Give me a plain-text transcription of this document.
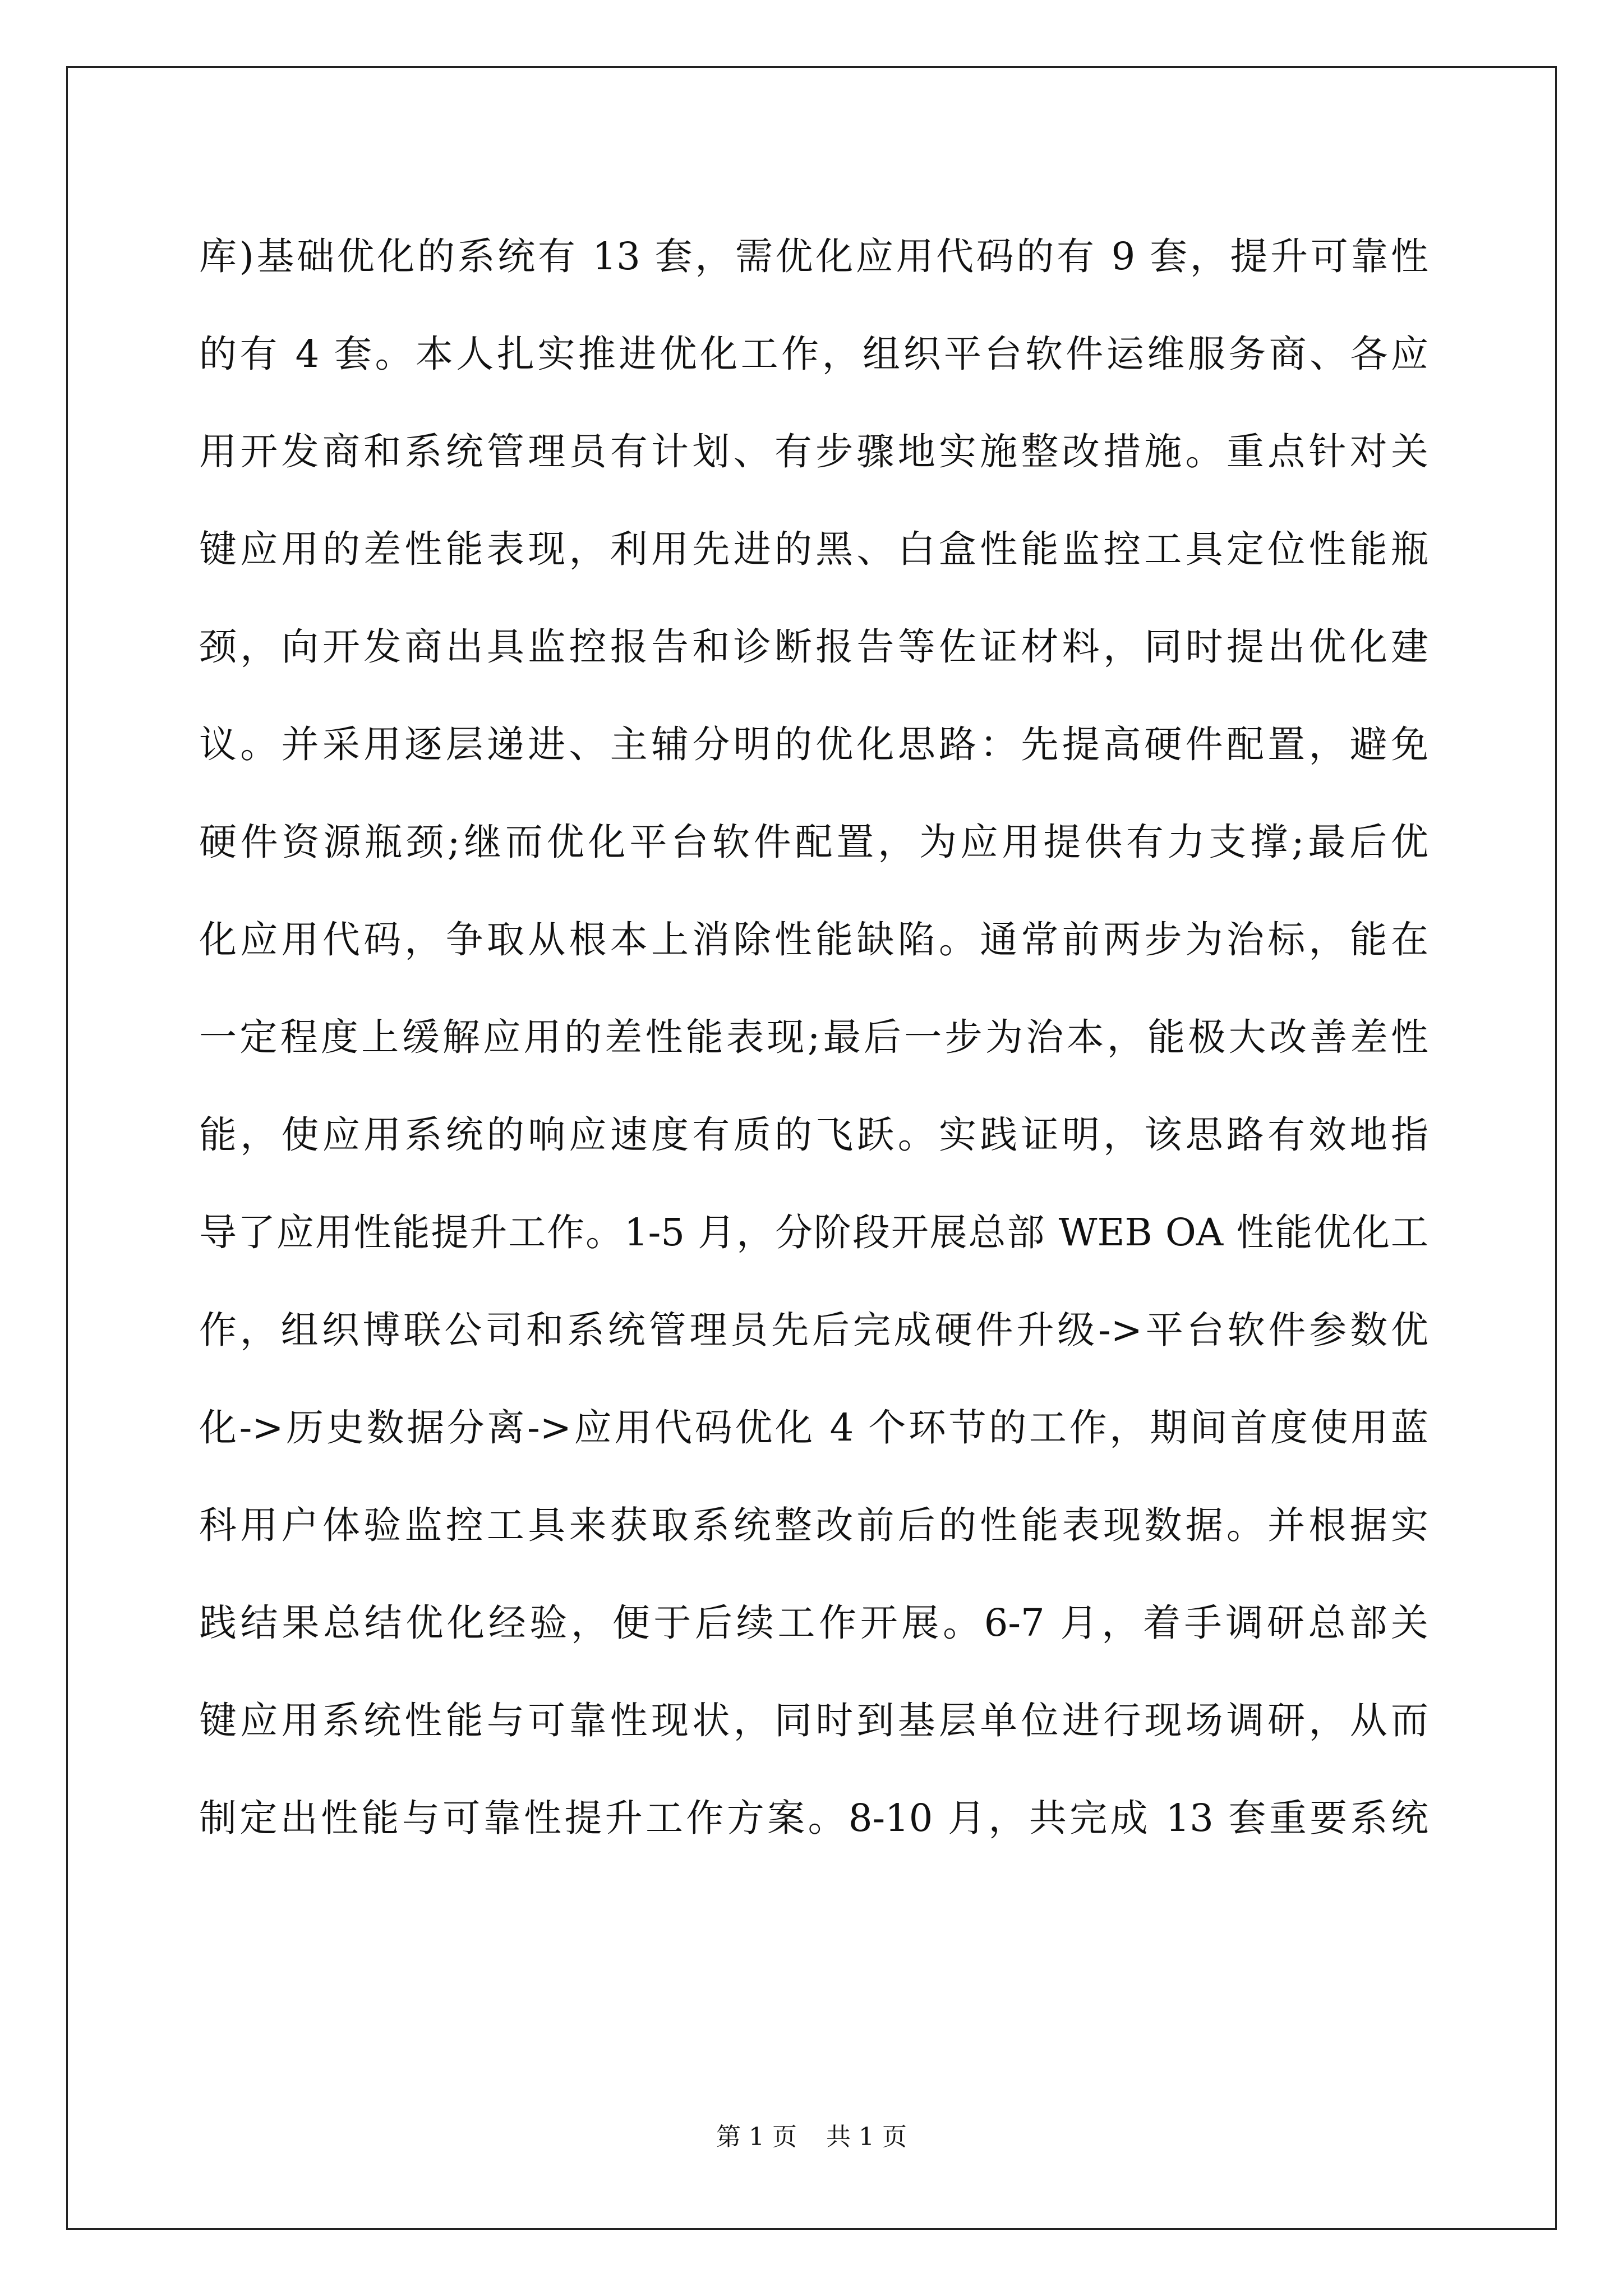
库)基础优化的系统有 13 套，需优化应用代码的有 9 套，提升可靠性
的有 4 套。本人扎实推进优化工作，组织平台软件运维服务商、各应
用开发商和系统管理员有计划、有步骤地实施整改措施。重点针对关
键应用的差性能表现，利用先进的黑、白盒性能监控工具定位性能瓶
颈，向开发商出具监控报告和诊断报告等佐证材料，同时提出优化建
议。并采用逐层递进、主辅分明的优化思路：先提高硬件配置，避免
硬件资源瓶颈;继而优化平台软件配置，为应用提供有力支撑;最后优
化应用代码，争取从根本上消除性能缺陷。通常前两步为治标，能在
一定程度上缓解应用的差性能表现;最后一步为治本，能极大改善差性
能，使应用系统的响应速度有质的飞跃。实践证明，该思路有效地指
导了应用性能提升工作。1-5 月，分阶段开展总部 WEB OA 性能优化工
作，组织博联公司和系统管理员先后完成硬件升级->平台软件参数优
化->历史数据分离->应用代码优化 4 个环节的工作，期间首度使用蓝
科用户体验监控工具来获取系统整改前后的性能表现数据。并根据实
践结果总结优化经验，便于后续工作开展。6-7 月，着手调研总部关
键应用系统性能与可靠性现状，同时到基层单位进行现场调研，从而
制定出性能与可靠性提升工作方案。8-10 月，共完成 13 套重要系统
第 1 页 共 1 页
